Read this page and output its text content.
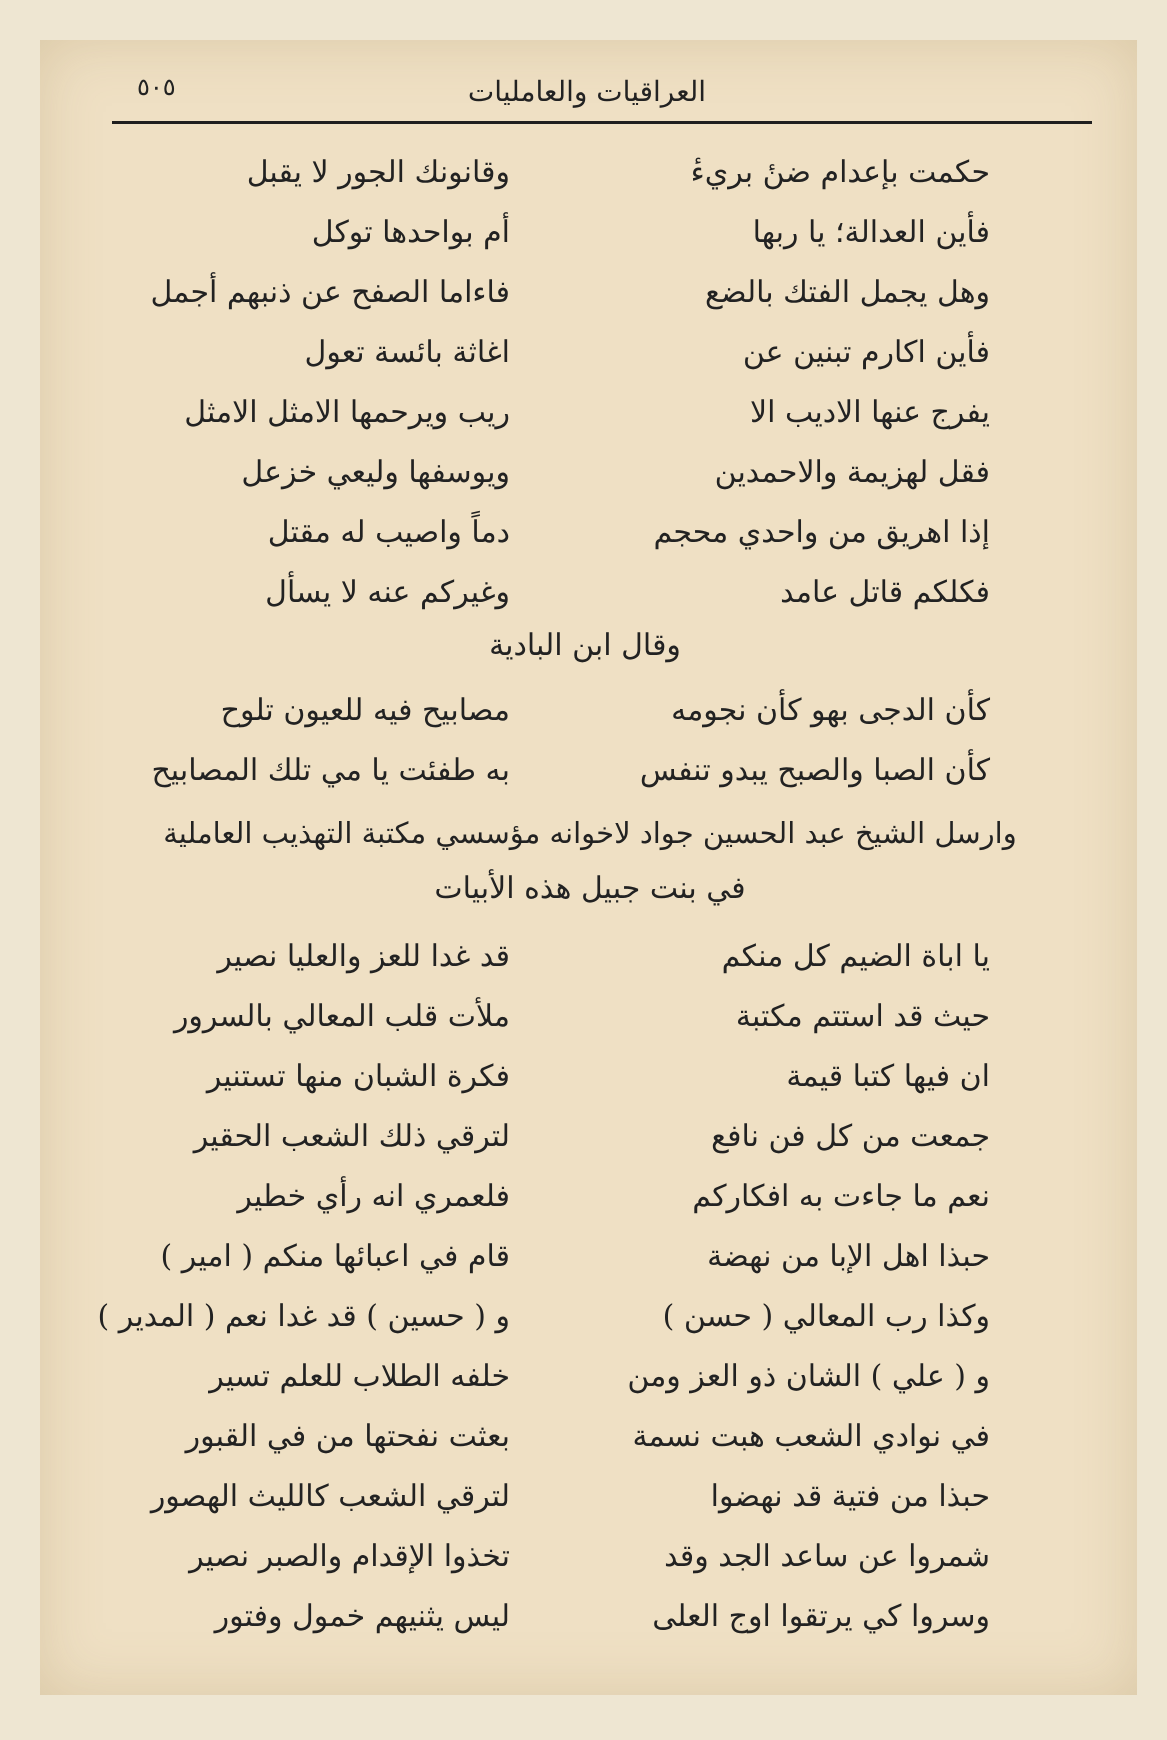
٥٠٥	العراقيات والعامليات
حكمت بإعدام ضنٔ بريءٔ
وقانونك الجور لا يقبل
فأين العدالة؛ يا ربها
أم بواحدها توكل
وهل يجمل الفتك بالضع
فاءاما الصفح عن ذنبهم أجمل
فأين اكارم تبنين عن
اغاثة بائسة تعول
يفرج عنها الاديب الا
ريب ويرحمها الامثل الامثل
فقل لهزيمة والاحمدين
ويوسفها وليعي خزعل
إذا اهريق من واحدي محجم
دماً واصيب له مقتل
فكلكم قاتل عامد
وغيركم عنه لا يسأل
وقال ابن البادية
كأن الدجى بهو كأن نجومه
مصابيح فيه للعيون تلوح
كأن الصبا والصبح يبدو تنفس
به طفئت يا مي تلك المصابيح
وارسل الشيخ عبد الحسين جواد لاخوانه مؤسسي مكتبة التهذيب العاملية
في بنت جبيل هذه الأبيات
يا اباة الضيم كل منكم
قد غدا للعز والعليا نصير
حيث قد استتم مكتبة
ملأت قلب المعالي بالسرور
ان فيها كتبا قيمة
فكرة الشبان منها تستنير
جمعت من كل فن نافع
لترقي ذلك الشعب الحقير
نعم ما جاءت به افكاركم
فلعمري انه رأي خطير
حبذا اهل الإبا من نهضة
قام في اعبائها منكم ( امير )
وكذا رب المعالي ( حسن )
و ( حسين ) قد غدا نعم ( المدير )
و ( علي ) الشان ذو العز ومن
خلفه الطلاب للعلم تسير
في نوادي الشعب هبت نسمة
بعثت نفحتها من في القبور
حبذا من فتية قد نهضوا
لترقي الشعب كالليث الهصور
شمروا عن ساعد الجد وقد
تخذوا الإقدام والصبر نصير
وسروا كي يرتقوا اوج العلى
ليس يثنيهم خمول وفتور
